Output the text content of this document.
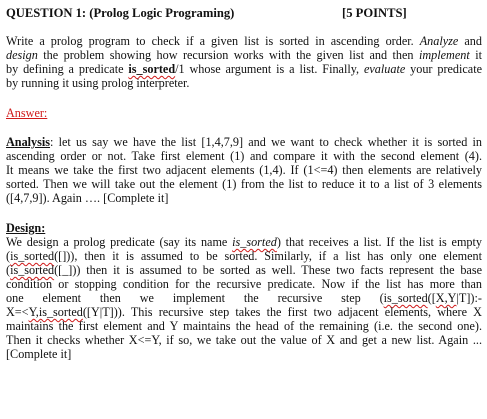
QUESTION 1: (Prolog Logic Programing)	[5 POINTS]
Write a prolog program to check if a given list is sorted in ascending order. Analyze and
design the problem showing how recursion works with the given list and then implement it
by defining a predicate is_sorted/1 whose argument is a list. Finally, evaluate your predicate
by running it using prolog interpreter.
Answer:
Analysis: let us say we have the list [1,4,7,9] and we want to check whether it is sorted in
ascending order or not. Take first element (1) and compare it with the second element (4).
It means we take the first two adjacent elements (1,4). If (1<=4) then elements are relatively
sorted. Then we will take out the element (1) from the list to reduce it to a list of 3 elements
([4,7,9]). Again …. [Complete it]
Design:
We design a prolog predicate (say its name is_sorted) that receives a list. If the list is empty
(is_sorted([])), then it is assumed to be sorted. Similarly, if a list has only one element
(is_sorted([_])) then it is assumed to be sorted as well. These two facts represent the base
condition or stopping condition for the recursive predicate. Now if the list has more than
one element then we implement the recursive step (is_sorted([X,Y|T]):-
X=<Y,is_sorted([Y|T])). This recursive step takes the first two adjacent elements, where X
maintains the first element and Y maintains the head of the remaining (i.e. the second one).
Then it checks whether X<=Y, if so, we take out the value of X and get a new list. Again ...
[Complete it]
